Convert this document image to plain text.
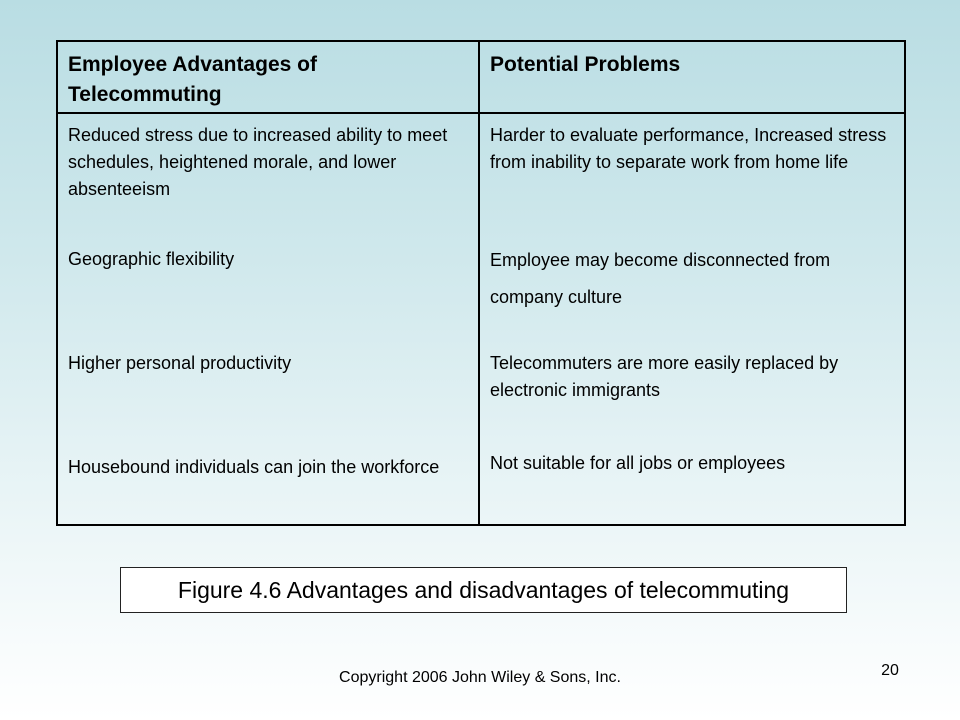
Employee Advantages of Telecommuting
Potential Problems
Reduced stress due to increased ability to meet schedules, heightened morale, and lower absenteeism
Geographic flexibility
Higher personal productivity
Housebound individuals can join the workforce
Harder to evaluate performance, Increased stress from inability to separate work from home life
Employee may become disconnected from company culture
Telecommuters are more easily replaced by electronic immigrants
Not suitable for all jobs or employees
Figure 4.6 Advantages and disadvantages of telecommuting
Copyright 2006 John Wiley & Sons, Inc.	20
